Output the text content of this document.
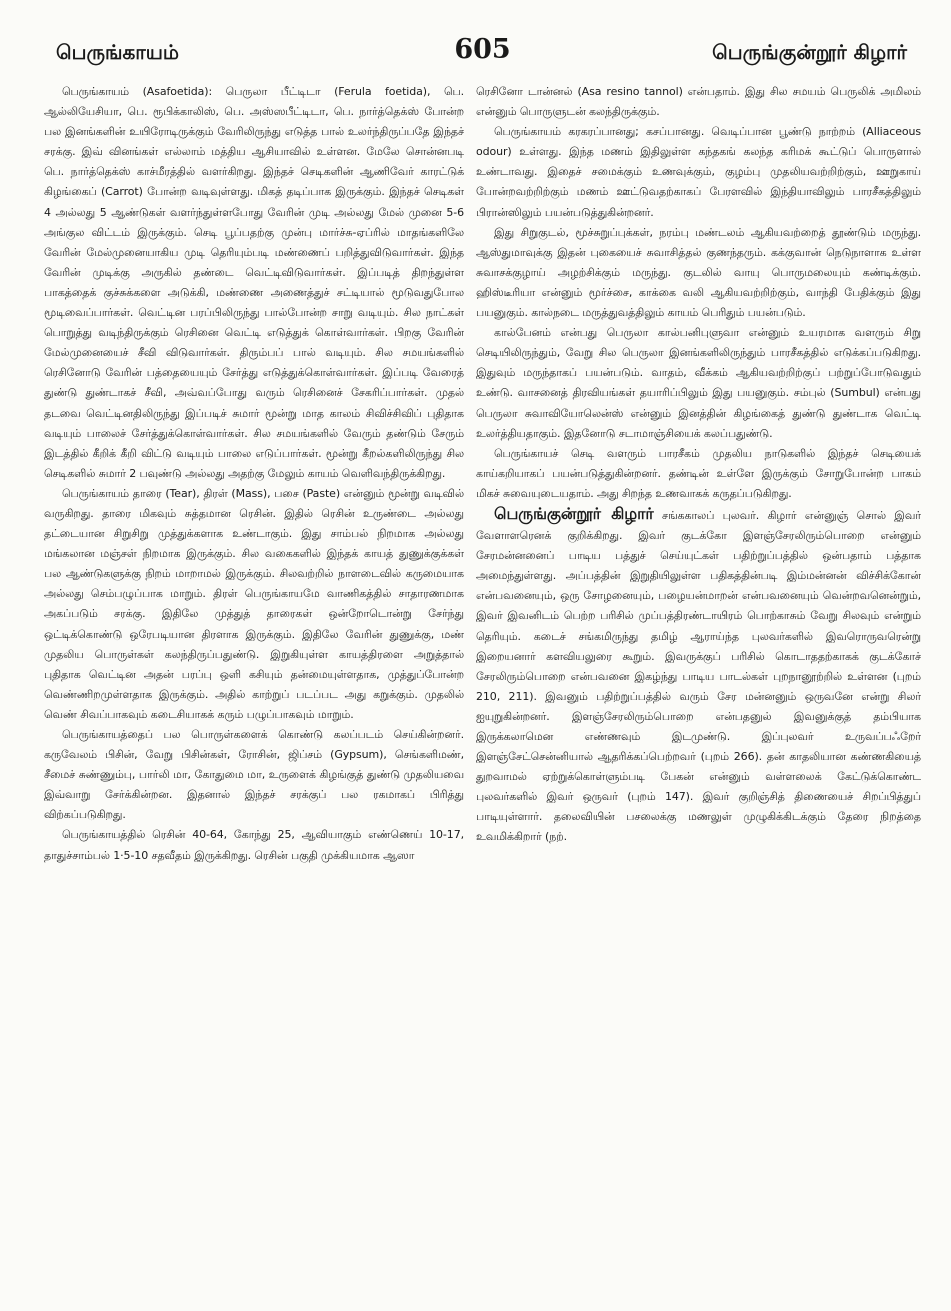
பெருங்காயம்	605	பெருங்குன்றூர் கிழார்

பெருங்காயம் (Asafoetida): பெருலா பீட்டிடா (Ferula foetida), பெ. ஆல்லியேசியா, பெ. ரூபிக்காலிஸ், பெ. அஸ்ஸபீட்டிடா, பெ. நார்த்தெக்ஸ் போன்ற பல இனங்களின் உயிரோடிருக்கும் வேரிலிருந்து எடுத்த பால் உலர்ந்திருப்பதே இந்தச் சரக்கு. இவ் வினங்கள் எல்லாம் மத்திய ஆசியாவில் உள்ளன. மேலே சொன்னபடி பெ. நார்த்தெக்ஸ் காச்மீரத்தில் வளர்கிறது. இந்தச் செடிகளின் ஆணிவேர் காரட்டுக் கிழங்கைப் (Carrot) போன்ற வடிவுள்ளது. மிகத் தடிப்பாக இருக்கும். இந்தச் செடிகள் 4 அல்லது 5 ஆண்டுகள் வளர்ந்துள்ளபோது வேரின் முடி அல்லது மேல் முனை 5-6 அங்குல விட்டம் இருக்கும். செடி பூப்பதற்கு முன்பு மார்ச்சு-ஏப்ரில் மாதங்களிலே வேரின் மேல்முனையாகிய முடி தெரியும்படி மண்ணைப் பறித்துவிடுவார்கள். இந்த வேரின் முடிக்கு அருகில் தண்டை வெட்டிவிடுவார்கள். இப்படித் திறந்துள்ள பாகத்தைக் குச்சுக்களை அடுக்கி, மண்ணை அணைத்துச் சட்டியால் மூடுவதுபோல மூடிவைப்பார்கள். வெட்டின பரப்பிலிருந்து பால்போன்ற சாறு வடியும். சில நாட்கள் பொறுத்து வடிந்திருக்கும் ரெசினை வெட்டி எடுத்துக் கொள்வார்கள். பிறகு வேரின் மேல்முனையைச் சீவி விடுவார்கள். திரும்பப் பால் வடியும். சில சமயங்களில் ரெசினோடு வேரின் பத்தையையும் சேர்த்து எடுத்துக்கொள்வார்கள். இப்படி வேரைத் துண்டு துண்டாகச் சீவி, அவ்வப்போது வரும் ரெசினைச் சேகரிப்பார்கள். முதல் தடவை வெட்டினதிலிருந்து இப்படிச் சுமார் மூன்று மாத காலம் சிவிச்சிவிப் புதிதாக வடியும் பாலைச் சேர்த்துக்கொள்வார்கள். சில சமயங்களில் வேரும் தண்டும் சேரும் இடத்தில் கீறிக் கீறி விட்டு வடியும் பாலை எடுப்பார்கள். மூன்று கீறல்களிலிருந்து சில செடிகளில் சுமார் 2 பவுண்டு அல்லது அதற்கு மேலும் காயம் வெளிவந்திருக்கிறது.

பெருங்காயம் தாரை (Tear), திரள் (Mass), பசை (Paste) என்னும் மூன்று வடிவில் வருகிறது. தாரை மிகவும் சுத்தமான ரெசின். இதில் ரெசின் உருண்டை அல்லது தட்டையான சிறுசிறு முத்துக்களாக உண்டாகும். இது சாம்பல் நிறமாக அல்லது மங்கலான மஞ்சள் நிறமாக இருக்கும். சில வகைகளில் இந்தக் காயத் துணுக்குக்கள் பல ஆண்டுகளுக்கு நிறம் மாறாமல் இருக்கும். சிலவற்றில் நாளடைவில் கருமையாக அல்லது செம்பழுப்பாக மாறும். திரள் பெருங்காயமே வாணிகத்தில் சாதாரணமாக அகப்படும் சரக்கு. இதிலே முத்துத் தாரைகள் ஒன்றோடொன்று சேர்ந்து ஒட்டிக்கொண்டு ஒரேபடியான திரளாக இருக்கும். இதிலே வேரின் துணுக்கு, மண் முதலிய பொருள்கள் கலந்திருப்பதுண்டு. இறுகியுள்ள காயத்திரளை அறுத்தால் புதிதாக வெட்டின அதன் பரப்பு ஒளி கசியும் தன்மையுள்ளதாக, முத்துப்போன்ற வெண்ணிறமுள்ளதாக இருக்கும். அதில் காற்றுப் படப்பட அது கறுக்கும். முதலில் வெண் சிவப்பாகவும் கடைசியாகக் கரும் பழுப்பாகவும் மாறும்.

பெருங்காயத்தைப் பல பொருள்களைக் கொண்டு கலப்படம் செய்கின்றனர். கருவேலம் பிசின், வேறு பிசின்கள், ரோசின், ஜிப்சம் (Gypsum), செங்களிமண், சீமைச் சுண்ணும்பு, பார்லி மா, கோதுமை மா, உருளைக் கிழங்குத் துண்டு முதலியவை இவ்வாறு சேர்க்கின்றன. இதனால் இந்தச் சரக்குப் பல ரகமாகப் பிரித்து விற்கப்படுகிறது.

பெருங்காயத்தில் ரெசின் 40-64, கோந்து 25, ஆவியாகும் எண்ணெய் 10-17, தாதுச்சாம்பல் 1·5-10 சதவீதம் இருக்கிறது. ரெசின் பகுதி முக்கியமாக ஆஸா

ரெசினோ டான்னல் (Asa resino tannol) என்பதாம். இது சில சமயம் பெருலிக் அமிலம் என்னும் பொருளுடன் கலந்திருக்கும்.

பெருங்காயம் கரகரப்பானது; கசப்பானது. வெடிப்பான பூண்டு நாற்றம் (Alliaceous odour) உள்ளது. இந்த மணம் இதிலுள்ள கந்தகங் கலந்த கரிமக் கூட்டுப் பொருளால் உண்டாவது. இதைச் சமைக்கும் உணவுக்கும், குழம்பு முதலியவற்றிற்கும், ஊறுகாய் போன்றவற்றிற்கும் மணம் ஊட்டுவதற்காகப் பேரளவில் இந்தியாவிலும் பாரசீகத்திலும் பிரான்ஸிலும் பயன்படுத்துகின்றனர்.

இது சிறுகுடல், மூச்சுறுப்புக்கள், நரம்பு மண்டலம் ஆகியவற்றைத் தூண்டும் மருந்து. ஆஸ்துமாவுக்கு இதன் புகையைச் சுவாசித்தல் குணந்தரும். கக்குவான் நெடுநாளாக உள்ள சுவாசக்குழாய் அழற்சிக்கும் மருந்து. குடலில் வாயு பொருமலையும் கண்டிக்கும். ஹிஸ்டீரியா என்னும் மூர்ச்சை, காக்கை வலி ஆகியவற்றிற்கும், வாந்தி பேதிக்கும் இது பயனுகும். கால்நடை மருத்துவத்திலும் காயம் பெரிதும் பயன்படும்.

கால்பேனம் என்பது பெருலா கால்பனிபுளுவா என்னும் உயரமாக வளரும் சிறு செடியிலிருந்தும், வேறு சில பெருலா இனங்களிலிருந்தும் பாரசீகத்தில் எடுக்கப்படுகிறது. இதுவும் மருந்தாகப் பயன்படும். வாதம், வீக்கம் ஆகியவற்றிற்குப் பற்றுப்போடுவதும் உண்டு. வாசனைத் திரவியங்கள் தயாரிப்பிலும் இது பயனுகும். சம்புல் (Sumbul) என்பது பெருலா சுவாவியோலென்ஸ் என்னும் இனத்தின் கிழங்கைத் துண்டு துண்டாக வெட்டி உலர்த்தியதாகும். இதனோடு சடாமாஞ்சியைக் கலப்பதுண்டு.

பெருங்காயச் செடி வளரும் பாரசீகம் முதலிய நாடுகளில் இந்தச் செடியைக் காய்கறியாகப் பயன்படுத்துகின்றனர். தண்டின் உள்ளே இருக்கும் சோறுபோன்ற பாகம் மிகச் சுவையுடையதாம். அது சிறந்த உணவாகக் கருதப்படுகிறது.

பெருங்குன்றூர் கிழார் சங்ககாலப் புலவர். கிழார் என்னுஞ் சொல் இவர் வேளாளரெனக் குறிக்கிறது. இவர் குடக்கோ இளஞ்சேரலிரும்பொறை என்னும் சேரமன்னனைப் பாடிய பத்துச் செய்யுட்கள் பதிற்றுப்பத்தில் ஒன்பதாம் பத்தாக அமைந்துள்ளது. அப்பத்தின் இறுதியிலுள்ள பதிகத்தின்படி இம்மன்னன் விச்சிக்கோன் என்பவனையும், ஒரு சோழனையும், பழையன்மாறன் என்பவனையும் வென்றவனென்றும், இவர் இவனிடம் பெற்ற பரிசில் முப்பத்திரண்டாயிரம் பொற்காசும் வேறு சிலவும் என்றும் தெரியும். கடைச் சங்கமிருந்து தமிழ் ஆராய்ந்த புலவர்களில் இவரொருவரென்று இறையனார் களவியலுரை கூறும். இவருக்குப் பரிசில் கொடாததற்காகக் குடக்கோச் சேரலிரும்பொறை என்பவனை இகழ்ந்து பாடிய பாடல்கள் புறநானூற்றில் உள்ளன (புறம் 210, 211). இவனும் பதிற்றுப்பத்தில் வரும் சேர மன்னனும் ஒருவனே என்று சிலர் ஐயுறுகின்றனர். இளஞ்சேரலிரும்பொறை என்பதனுல் இவனுக்குத் தம்பியாக இருக்கலாமென எண்ணவும் இடமுண்டு. இப்புலவர் உருவப்பஃறேர் இளஞ்சேட்சென்னியால் ஆதரிக்கப்பெற்றவர் (புறம் 266). தன் காதலியான கண்ணகியைத் துறவாமல் ஏற்றுக்கொள்ளும்படி பேகன் என்னும் வள்ளலைக் கேட்டுக்கொண்ட புலவர்களில் இவர் ஒருவர் (புறம் 147). இவர் குறிஞ்சித் திணையைச் சிறப்பித்துப் பாடியுள்ளார். தலைவியின் பசலைக்கு மணலுள் முழுகிக்கிடக்கும் தேரை நிறத்தை உவமிக்கிறார் (நற்.
